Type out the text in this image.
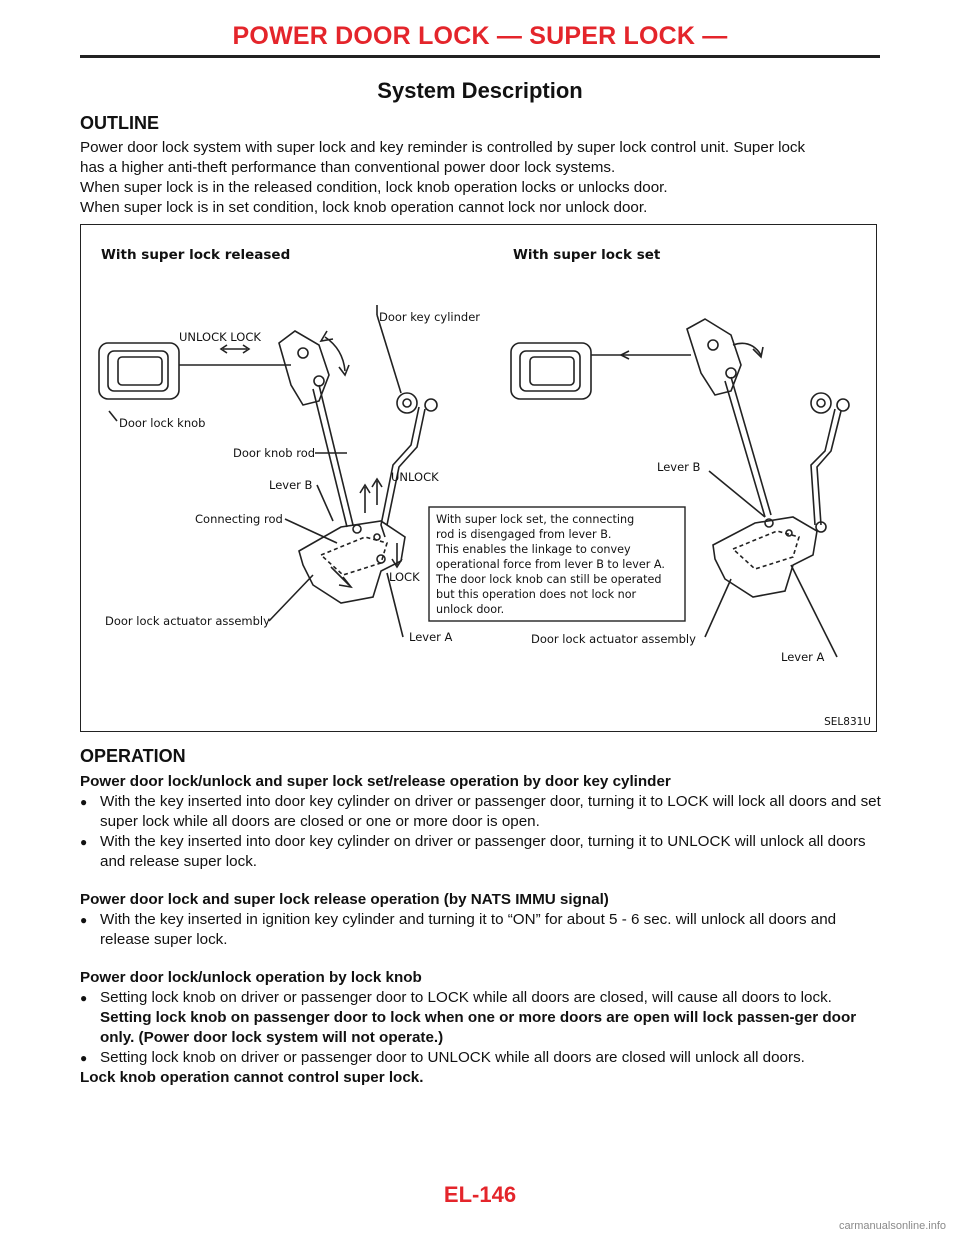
POWER DOOR LOCK — SUPER LOCK —
System Description
OUTLINE

Power door lock system with super lock and key reminder is controlled by super lock control unit. Super lock

has a higher anti-theft performance than conventional power door lock systems.

When super lock is in the released condition, lock knob operation locks or unlocks door.

When super lock is in set condition, lock knob operation cannot lock nor unlock door.

With super lock released	With super lock set
UNLOCK LOCK
Door key cylinder
Door lock knob
Door knob rod
Lever B
UNLOCK
Connecting rod
LOCK
Door lock actuator assembly
Lever A
Lever B
Door lock actuator assembly
Lever A
With super lock set, the connecting
rod is disengaged from lever B.
This enables the linkage to convey
operational force from lever B to lever A.
The door lock knob can still be operated
but this operation does not lock nor
unlock door.
SEL831U
OPERATION

Power door lock/unlock and super lock set/release operation by door key cylinder

● With the key inserted into door key cylinder on driver or passenger door, turning it to LOCK will lock all doors and set super lock while all doors are closed or one or more door is open.

● With the key inserted into door key cylinder on driver or passenger door, turning it to UNLOCK will unlock all doors and release super lock.

Power door lock and super lock release operation (by NATS IMMU signal)

● With the key inserted in ignition key cylinder and turning it to “ON” for about 5 - 6 sec. will unlock all doors and release super lock.

Power door lock/unlock operation by lock knob

● Setting lock knob on driver or passenger door to LOCK while all doors are closed, will cause all doors to lock.
Setting lock knob on passenger door to lock when one or more doors are open will lock passen-ger door only. (Power door lock system will not operate.)

● Setting lock knob on driver or passenger door to UNLOCK while all doors are closed will unlock all doors.

Lock knob operation cannot control super lock.

EL-146
carmanualsonline.info
